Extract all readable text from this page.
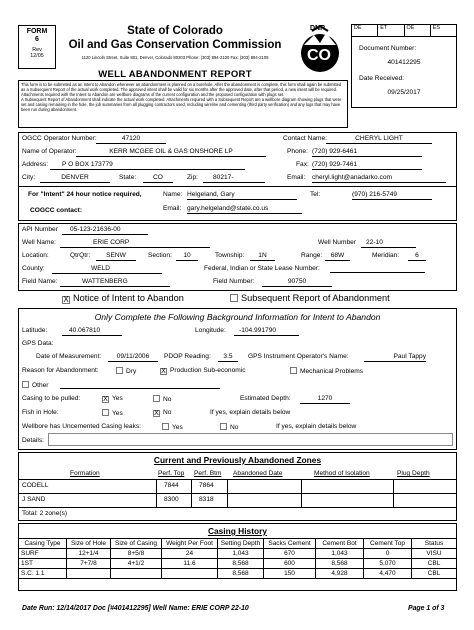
FORM
6
Rev
12/05
State of Colorado
Oil and Gas Conservation Commission
1120 Lincoln Street, Suite 801, Denver, Colorado 80203 Phone: (303) 894-2100 Fax: (303) 894-2109
WELL ABANDONMENT REPORT
DNR
CO
DE	ET	OE	ES
Document Number:
401412295
Date Received:
09/25/2017
This form is to be submitted as an Intent to Abandon whenever an abandonment is planned on a borehole. After the abandonment is complete, this form shall again be submitted as a Subsequent Report of the actual work completed. The approved intent shall be valid for six months after the approved date, after that period, a new intent will be required. Attachments required with the Intent to Abandon are wellbore diagrams of the current configuration and the proposed configuration with plugs set.
A Subsequent Report of Abandonment shall indicate the actual work completed. Attachments required with a Subsequent Report are a wellbore diagram showing plugs that were set and casing remaining in the hole, the job summaries from all plugging contractors used, including wireline and cementing (third party verification) and any logs that may have been run during abandonment.
OGCC Operator Number:	47120	Contact Name:	CHERYL LIGHT
Name of Operator:	KERR MCGEE OIL & GAS ONSHORE LP	Phone: (720) 929-6461
Address:	P O BOX 173779	Fax: (720) 929-7461
City:	DENVER	State:	CO	Zip:	80217-	Email: cheryl.light@anadarko.com
For "Intent" 24 hour notice required,
COGCC contact:
Name: Helgeland, Gary	Tel:	(970) 216-5749
Email: gary.helgeland@state.co.us
API Number	05-123-21636-00
Well Name:	ERIE CORP	Well Number	22-10
Location:	QtrQtr:	SENW	Section:	10	Township:	1N	Range:	68W	Meridian:	6
County:	WELD	Federal, Indian or State Lease Number:
Field Name:	WATTENBERG	Field Number:	90750
X Notice of Intent to Abandon	Subsequent Report of Abandonment
Only Complete the Following Background Information for Intent to Abandon
Latitude:	40.067810	Longitude:	-104.991790
GPS Data:
Date of Measurement:	09/11/2006	PDOP Reading:	3.5	GPS Instrument Operator's Name:	Paul Tappy
Reason for Abandonment:	Dry	X Production Sub-economic	Mechanical Problems
Other
Casing to be pulled:	X Yes	No	Estimated Depth:	1270
Fish in Hole:	Yes	X No	If yes, explain details below
Wellbore has Uncemented Casing leaks:	Yes	No	If yes, explain details below
Details:
Current and Previously Abandoned Zones
Formation	Perf. Top Perf. Btm Abandoned Date	Method of Isolation	Plug Depth
CODELL	7844	7864
J SAND	8300	8318
Total: 2 zone(s)
Casing History
Casing Type	Size of Hole	Size of Casing	Weight Per Foot	Setting Depth	Sacks Cement	Cement Bot	Cement Top	Status
SURF	12+1/4	8+5/8	24	1,043	670	1,043	0	VISU
1ST	7+7/8	4+1/2	11.6	8,568	600	8,568	5,070	CBL
S.C. 1.1				8,568	150	4,928	4,470	CBL
Date Run: 12/14/2017 Doc [#401412295] Well Name: ERIE CORP 22-10	Page 1 of 3
